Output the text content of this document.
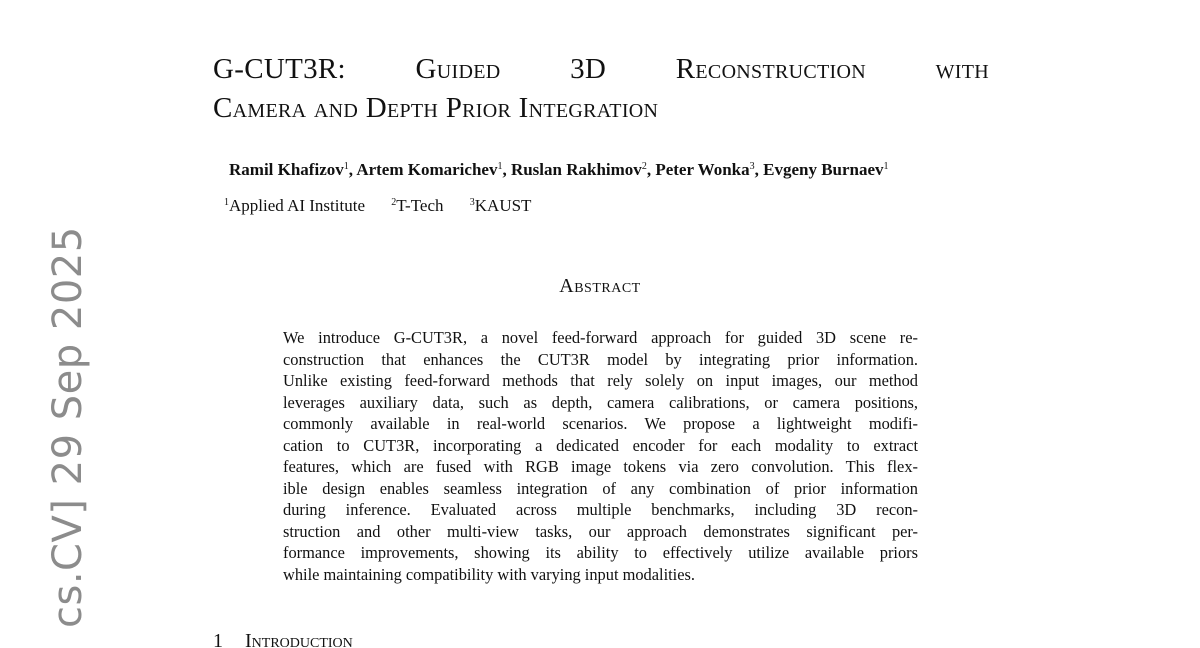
G-CUT3R: Guided 3D Reconstruction with
Camera and Depth Prior Integration
Ramil Khafizov$^1$, Artem Komarichev$^1$, Ruslan Rakhimov$^2$, Peter Wonka$^3$, Evgeny Burnaev$^1$
$^1$Applied AI Institute	$^2$T-Tech	$^3$KAUST
Abstract
We introduce G-CUT3R, a novel feed-forward approach for guided 3D scene re-
construction that enhances the CUT3R model by integrating prior information.
Unlike existing feed-forward methods that rely solely on input images, our method
leverages auxiliary data, such as depth, camera calibrations, or camera positions,
commonly available in real-world scenarios. We propose a lightweight modifi-
cation to CUT3R, incorporating a dedicated encoder for each modality to extract
features, which are fused with RGB image tokens via zero convolution. This flex-
ible design enables seamless integration of any combination of prior information
during inference. Evaluated across multiple benchmarks, including 3D recon-
struction and other multi-view tasks, our approach demonstrates significant per-
formance improvements, showing its ability to effectively utilize available priors
while maintaining compatibility with varying input modalities.
1 Introduction
cs.CV] 29 Sep 2025
